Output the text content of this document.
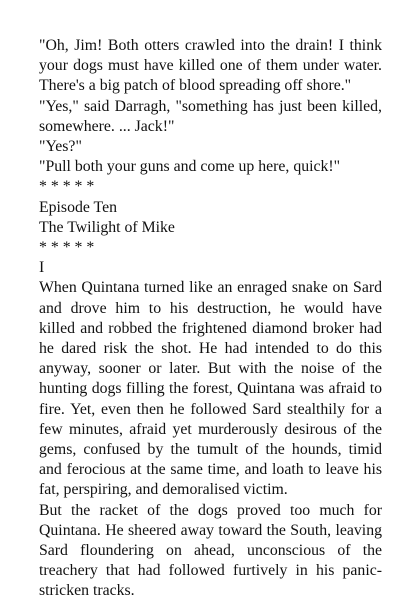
"Oh, Jim! Both otters crawled into the drain! I think your dogs must have killed one of them under water. There's a big patch of blood spreading off shore."

"Yes," said Darragh, "something has just been killed, somewhere. ... Jack!"

"Yes?"

"Pull both your guns and come up here, quick!"

* * * * *

Episode Ten

The Twilight of Mike

* * * * *

I

When Quintana turned like an enraged snake on Sard and drove him to his destruction, he would have killed and robbed the frightened diamond broker had he dared risk the shot. He had intended to do this anyway, sooner or later. But with the noise of the hunting dogs filling the forest, Quintana was afraid to fire. Yet, even then he followed Sard stealthily for a few minutes, afraid yet murderously desirous of the gems, confused by the tumult of the hounds, timid and ferocious at the same time, and loath to leave his fat, perspiring, and demoralised victim.

But the racket of the dogs proved too much for Quintana. He sheered away toward the South, leaving Sard floundering on ahead, unconscious of the treachery that had followed furtively in his panic-stricken tracks.
